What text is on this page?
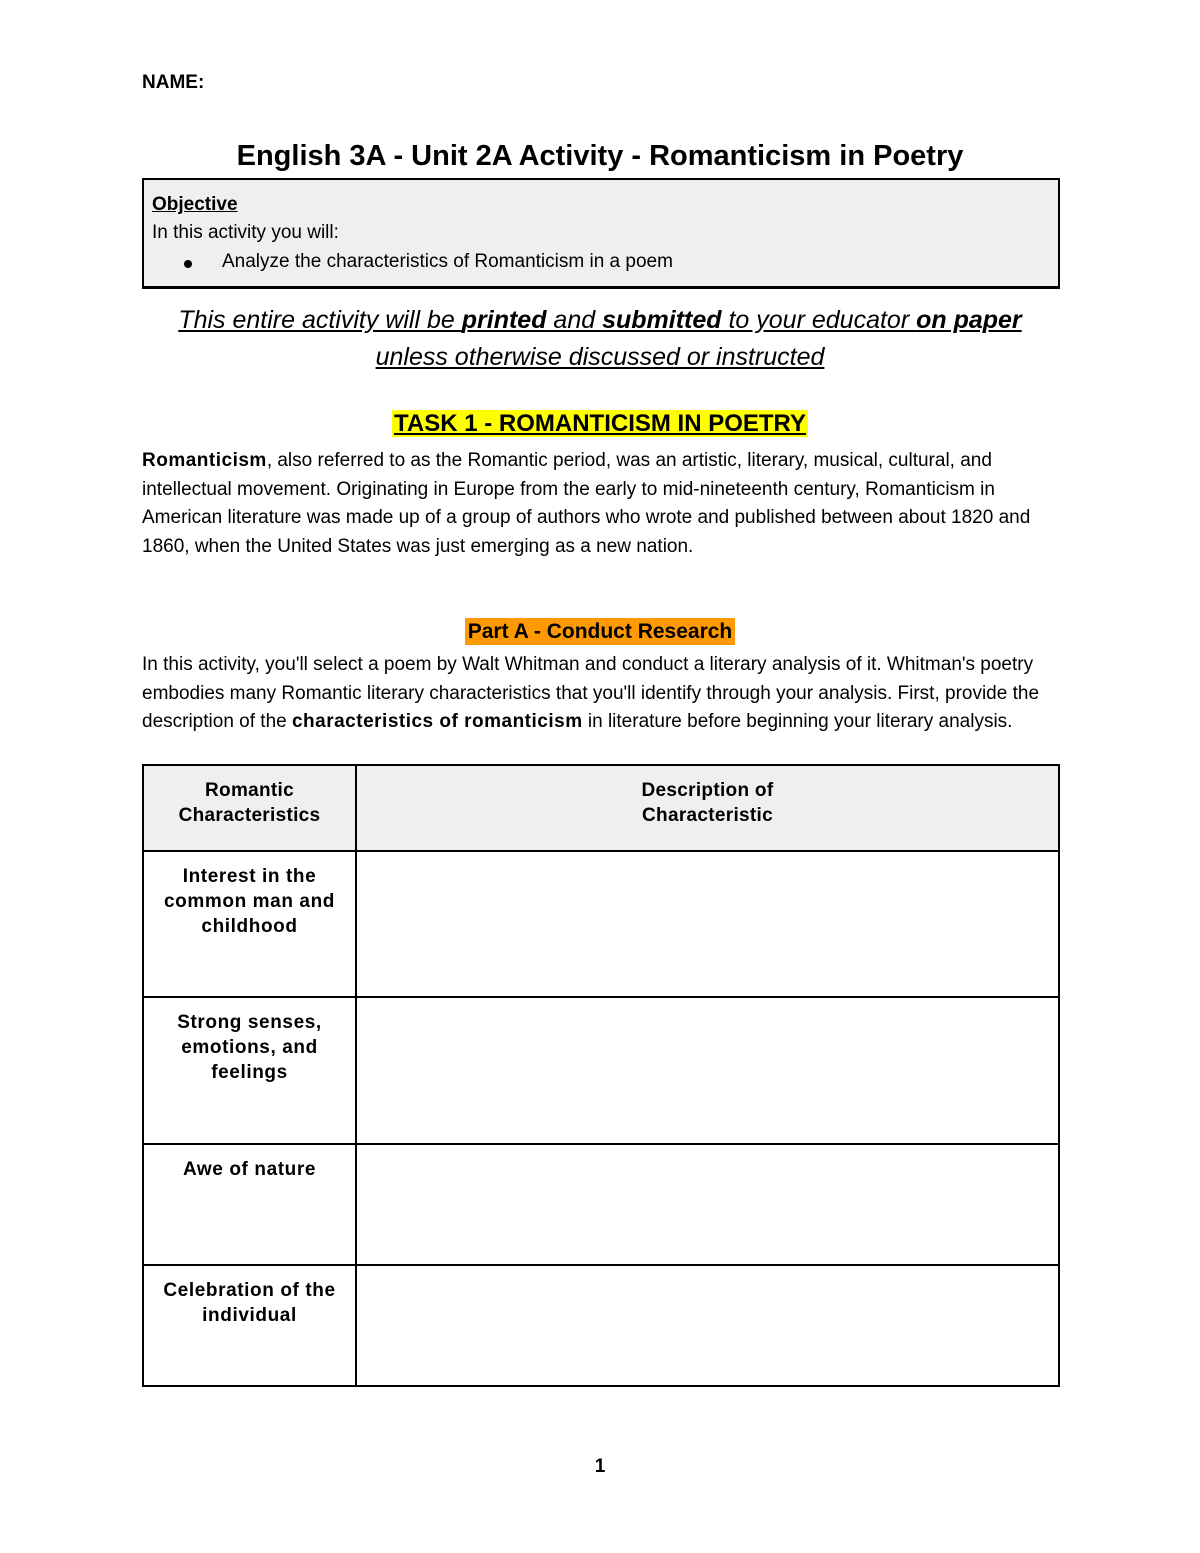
NAME:
English 3A - Unit 2A Activity - Romanticism in Poetry
Objective
In this activity you will:
Analyze the characteristics of Romanticism in a poem
This entire activity will be printed and submitted to your educator on paper unless otherwise discussed or instructed
TASK 1 - ROMANTICISM IN POETRY
Romanticism, also referred to as the Romantic period, was an artistic, literary, musical, cultural, and intellectual movement. Originating in Europe from the early to mid-nineteenth century, Romanticism in American literature was made up of a group of authors who wrote and published between about 1820 and 1860, when the United States was just emerging as a new nation.
Part A - Conduct Research
In this activity, you'll select a poem by Walt Whitman and conduct a literary analysis of it. Whitman's poetry embodies many Romantic literary characteristics that you'll identify through your analysis. First, provide the description of the characteristics of romanticism in literature before beginning your literary analysis.
Romantic Characteristics	Description of Characteristic

Interest in the common man and childhood	

Strong senses, emotions, and feelings	

Awe of nature	

Celebration of the individual	

1
